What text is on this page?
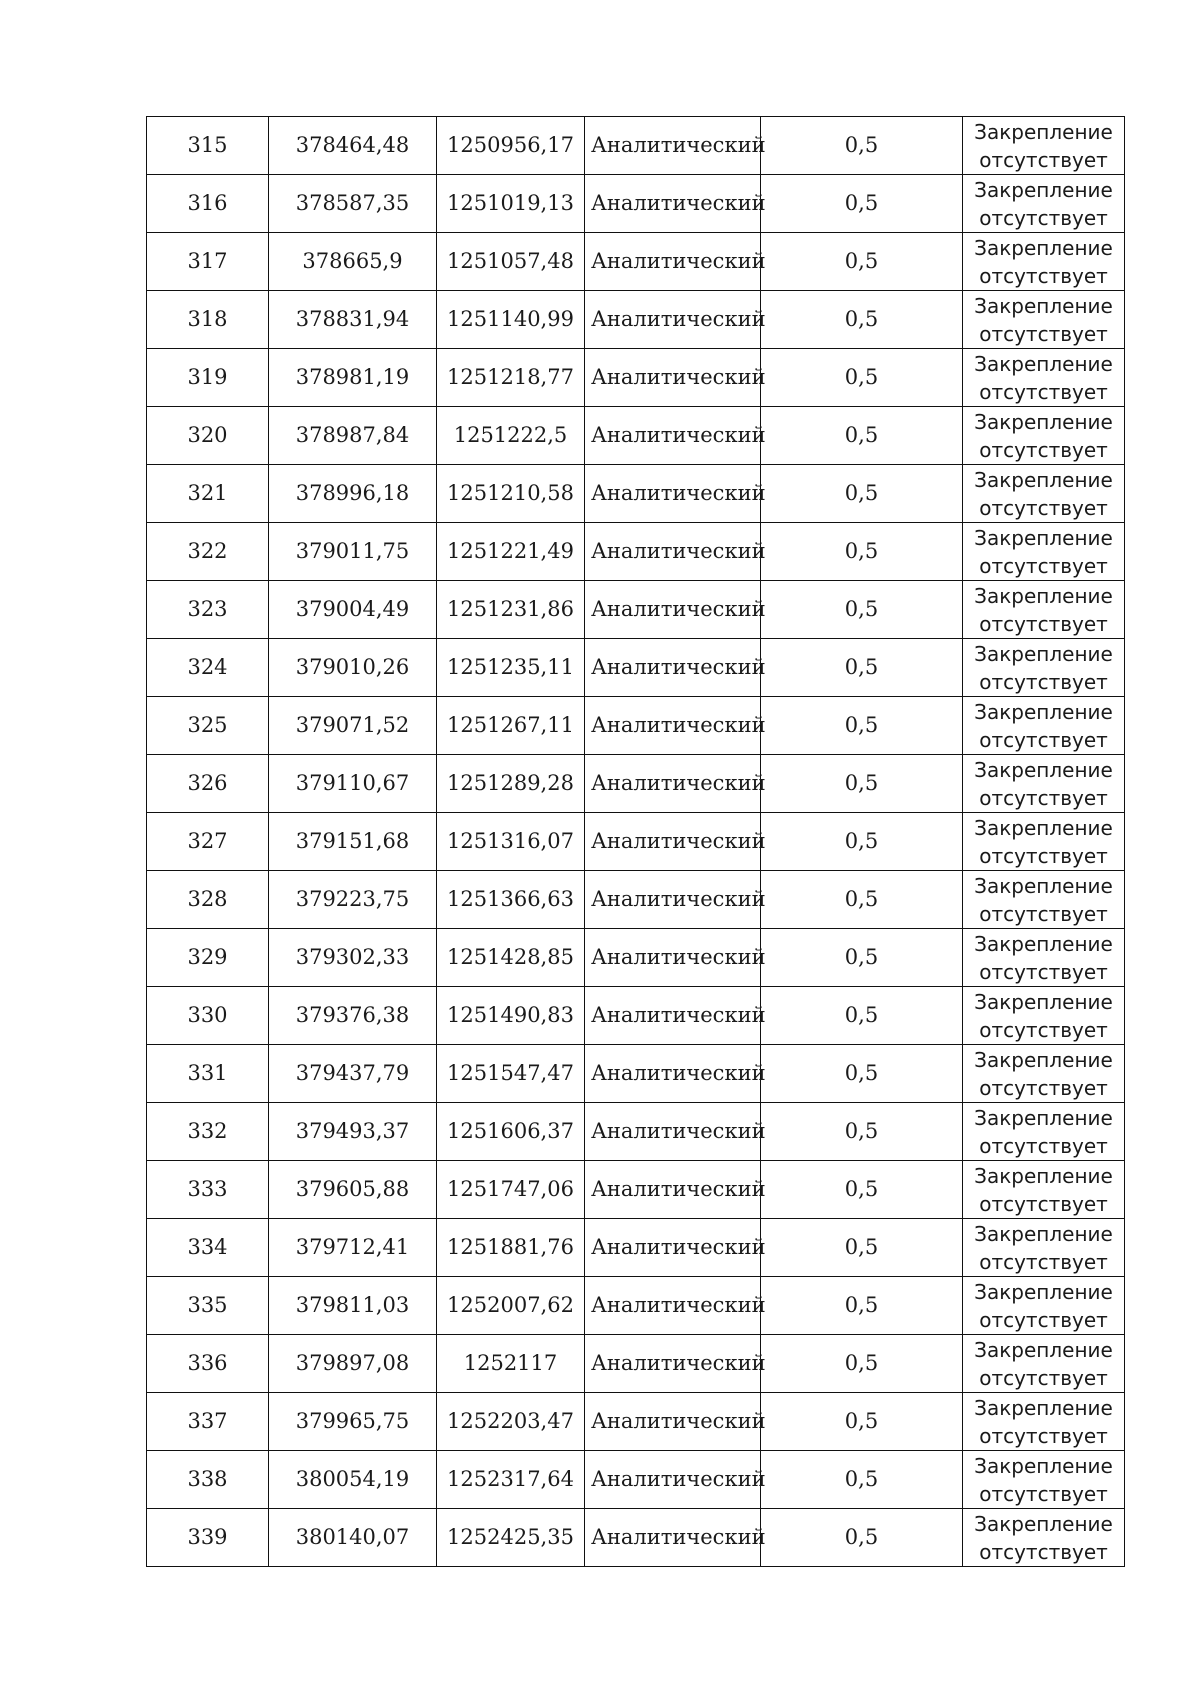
315	378464,48	1250956,17	Аналитический	0,5	Закрепление
отсутствует

316	378587,35	1251019,13	Аналитический	0,5	Закрепление
отсутствует

317	378665,9	1251057,48	Аналитический	0,5	Закрепление
отсутствует

318	378831,94	1251140,99	Аналитический	0,5	Закрепление
отсутствует

319	378981,19	1251218,77	Аналитический	0,5	Закрепление
отсутствует

320	378987,84	1251222,5	Аналитический	0,5	Закрепление
отсутствует

321	378996,18	1251210,58	Аналитический	0,5	Закрепление
отсутствует

322	379011,75	1251221,49	Аналитический	0,5	Закрепление
отсутствует

323	379004,49	1251231,86	Аналитический	0,5	Закрепление
отсутствует

324	379010,26	1251235,11	Аналитический	0,5	Закрепление
отсутствует

325	379071,52	1251267,11	Аналитический	0,5	Закрепление
отсутствует

326	379110,67	1251289,28	Аналитический	0,5	Закрепление
отсутствует

327	379151,68	1251316,07	Аналитический	0,5	Закрепление
отсутствует

328	379223,75	1251366,63	Аналитический	0,5	Закрепление
отсутствует

329	379302,33	1251428,85	Аналитический	0,5	Закрепление
отсутствует

330	379376,38	1251490,83	Аналитический	0,5	Закрепление
отсутствует

331	379437,79	1251547,47	Аналитический	0,5	Закрепление
отсутствует

332	379493,37	1251606,37	Аналитический	0,5	Закрепление
отсутствует

333	379605,88	1251747,06	Аналитический	0,5	Закрепление
отсутствует

334	379712,41	1251881,76	Аналитический	0,5	Закрепление
отсутствует

335	379811,03	1252007,62	Аналитический	0,5	Закрепление
отсутствует

336	379897,08	1252117	Аналитический	0,5	Закрепление
отсутствует

337	379965,75	1252203,47	Аналитический	0,5	Закрепление
отсутствует

338	380054,19	1252317,64	Аналитический	0,5	Закрепление
отсутствует

339	380140,07	1252425,35	Аналитический	0,5	Закрепление
отсутствует
